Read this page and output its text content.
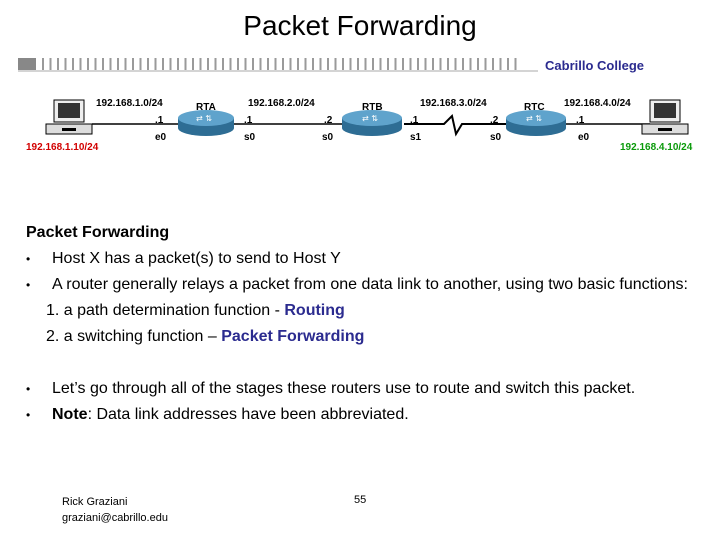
Packet Forwarding
Cabrillo College
⇄ ⇅	⇄ ⇅	⇄ ⇅
192.168.1.0/24	192.168.2.0/24	192.168.3.0/24	192.168.4.0/24
RTA	RTB	RTC
.1	.1	.2	.1	.2	.1
e0	s0	s0	s1	s0	e0
192.168.1.10/24	192.168.4.10/24
Packet Forwarding
• Host X has a packet(s) to send to Host Y
• A router generally relays a packet from one data link to another, using two basic functions:
1. a path determination function - Routing
2. a switching function – Packet Forwarding
• Let’s go through all of the stages these routers use to route and switch this packet.
• Note: Data link addresses have been abbreviated.
Rick Graziani
graziani@cabrillo.edu
55
